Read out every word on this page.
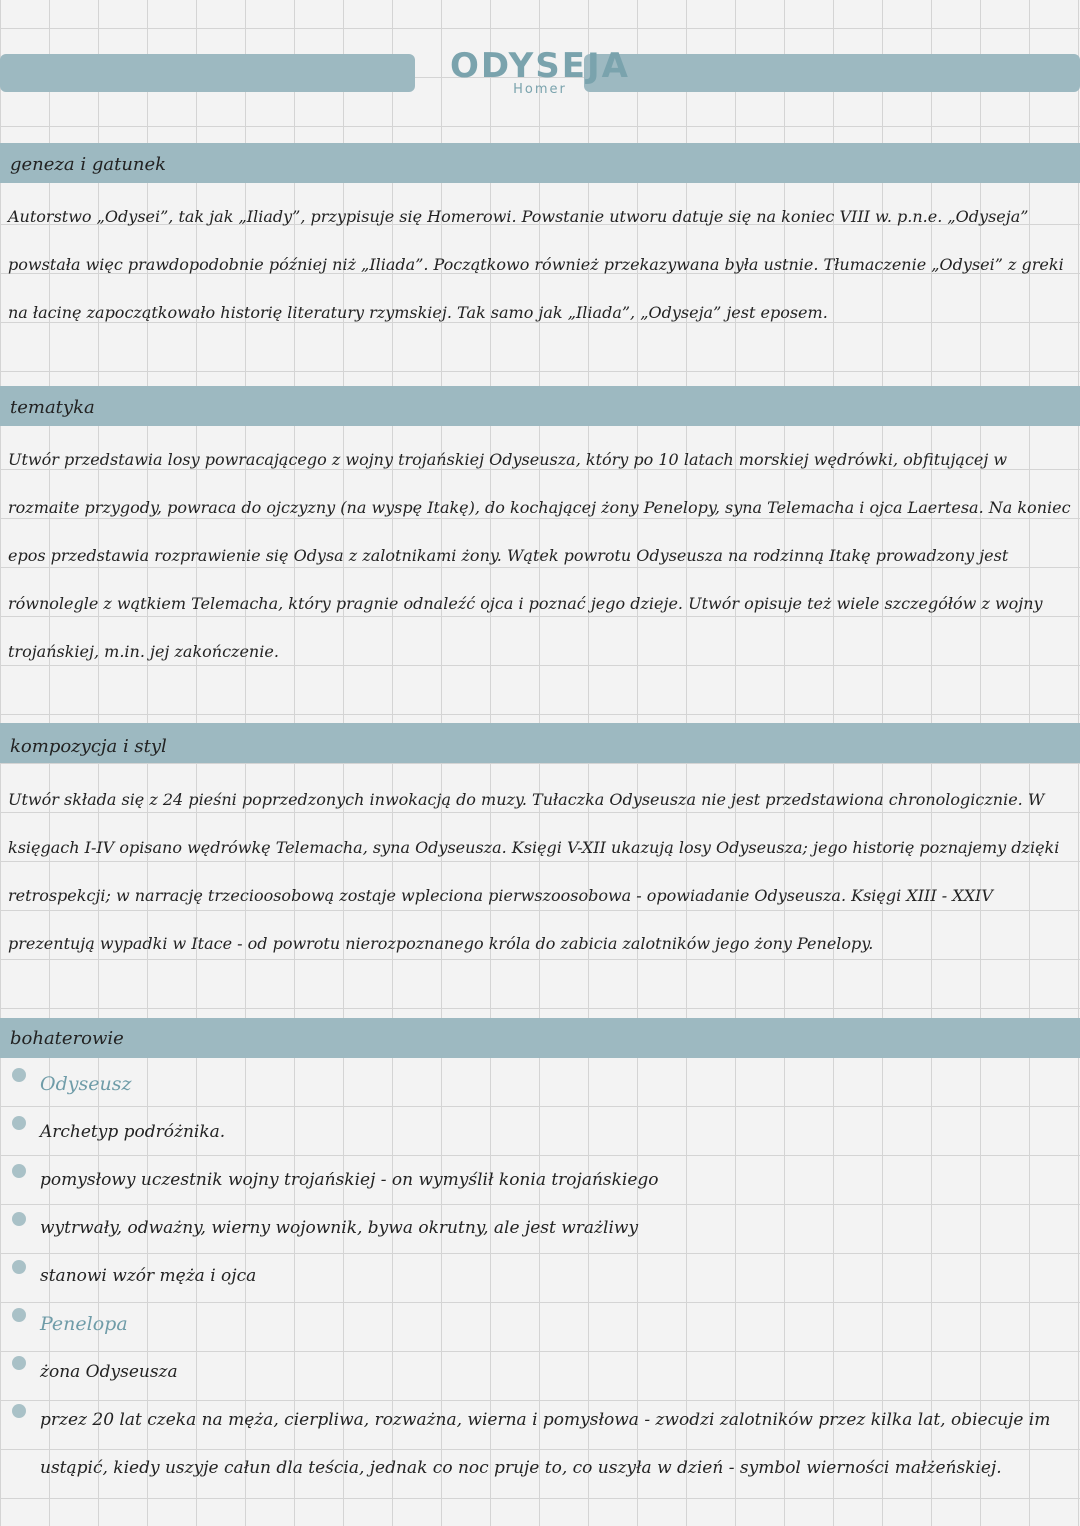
ODYSEJA
Homer
geneza i gatunek
Autorstwo „Odysei”, tak jak „Iliady”, przypisuje się Homerowi. Powstanie utworu datuje się na koniec VIII w. p.n.e. „Odyseja” powstała więc prawdopodobnie później niż „Iliada”. Początkowo również przekazywana była ustnie. Tłumaczenie „Odysei” z greki na łacinę zapoczątkowało historię literatury rzymskiej. Tak samo jak „Iliada”, „Odyseja” jest eposem.
tematyka
Utwór przedstawia losy powracającego z wojny trojańskiej Odyseusza, który po 10 latach morskiej wędrówki, obfitującej w rozmaite przygody, powraca do ojczyzny (na wyspę Itakę), do kochającej żony Penelopy, syna Telemacha i ojca Laertesa. Na koniec epos przedstawia rozprawienie się Odysa z zalotnikami żony. Wątek powrotu Odyseusza na rodzinną Itakę prowadzony jest równolegle z wątkiem Telemacha, który pragnie odnaleźć ojca i poznać jego dzieje. Utwór opisuje też wiele szczegółów z wojny trojańskiej, m.in. jej zakończenie.
kompozycja i styl
Utwór składa się z 24 pieśni poprzedzonych inwokacją do muzy. Tułaczka Odyseusza nie jest przedstawiona chronologicznie. W księgach I-IV opisano wędrówkę Telemacha, syna Odyseusza. Księgi V-XII ukazują losy Odyseusza; jego historię poznajemy dzięki retrospekcji; w narrację trzecioosobową zostaje wpleciona pierwszoosobowa - opowiadanie Odyseusza. Księgi XIII - XXIV prezentują wypadki w Itace - od powrotu nierozpoznanego króla do zabicia zalotników jego żony Penelopy.
bohaterowie
Odyseusz
Archetyp podróżnika.
pomysłowy uczestnik wojny trojańskiej - on wymyślił konia trojańskiego
wytrwały, odważny, wierny wojownik, bywa okrutny, ale jest wrażliwy
stanowi wzór męża i ojca
Penelopa
żona Odyseusza
przez 20 lat czeka na męża, cierpliwa, rozważna, wierna i pomysłowa - zwodzi zalotników przez kilka lat, obiecuje im ustąpić, kiedy uszyje całun dla teścia, jednak co noc pruje to, co uszyła w dzień - symbol wierności małżeńskiej.
